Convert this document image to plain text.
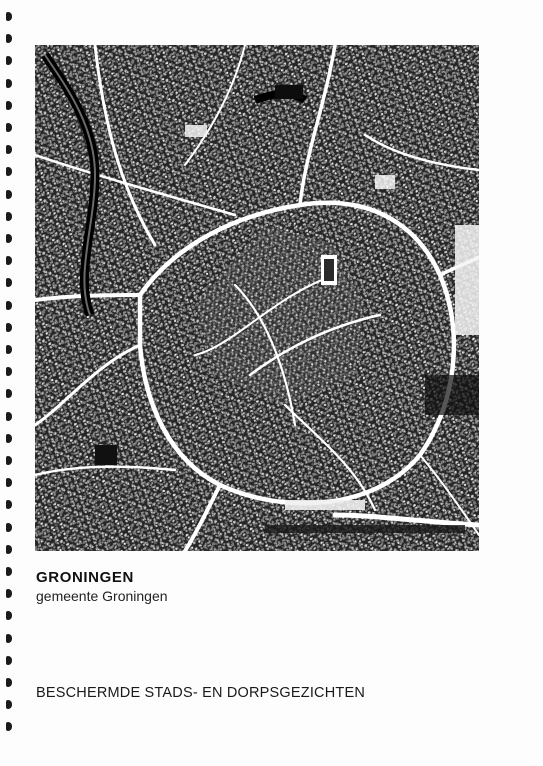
GRONINGEN

gemeente Groningen

BESCHERMDE STADS- EN DORPSGEZICHTEN
